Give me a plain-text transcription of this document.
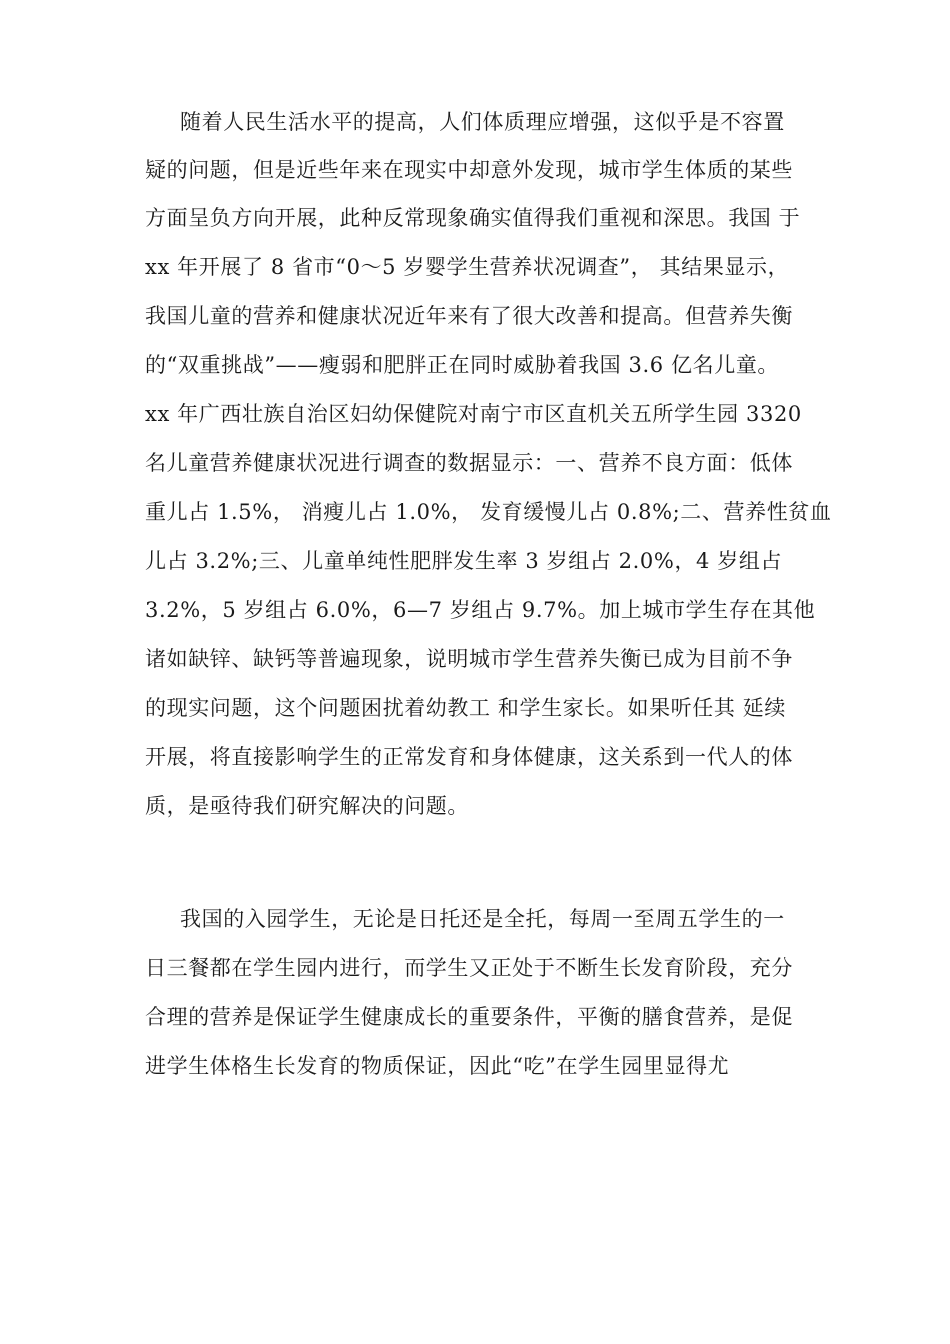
随着人民生活水平的提高，人们体质理应增强，这似乎是不容置
疑的问题，但是近些年来在现实中却意外发现，城市学生体质的某些
方面呈负方向开展，此种反常现象确实值得我们重视和深思。我国 于
xx 年开展了 8 省市“0～5 岁婴学生营养状况调查”， 其结果显示，
我国儿童的营养和健康状况近年来有了很大改善和提高。但营养失衡
的“双重挑战”——瘦弱和肥胖正在同时威胁着我国 3.6 亿名儿童。
xx 年广西壮族自治区妇幼保健院对南宁市区直机关五所学生园 3320
名儿童营养健康状况进行调查的数据显示：一、营养不良方面：低体
重儿占 1.5%， 消瘦儿占 1.0%， 发育缓慢儿占 0.8%;二、营养性贫血
儿占 3.2%;三、儿童单纯性肥胖发生率 3 岁组占 2.0%，4 岁组占
3.2%，5 岁组占 6.0%，6—7 岁组占 9.7%。加上城市学生存在其他
诸如缺锌、缺钙等普遍现象，说明城市学生营养失衡已成为目前不争
的现实问题，这个问题困扰着幼教工 和学生家长。如果听任其 延续
开展，将直接影响学生的正常发育和身体健康，这关系到一代人的体
质，是亟待我们研究解决的问题。
我国的入园学生，无论是日托还是全托，每周一至周五学生的一
日三餐都在学生园内进行，而学生又正处于不断生长发育阶段，充分
合理的营养是保证学生健康成长的重要条件，平衡的膳食营养，是促
进学生体格生长发育的物质保证，因此“吃”在学生园里显得尤
